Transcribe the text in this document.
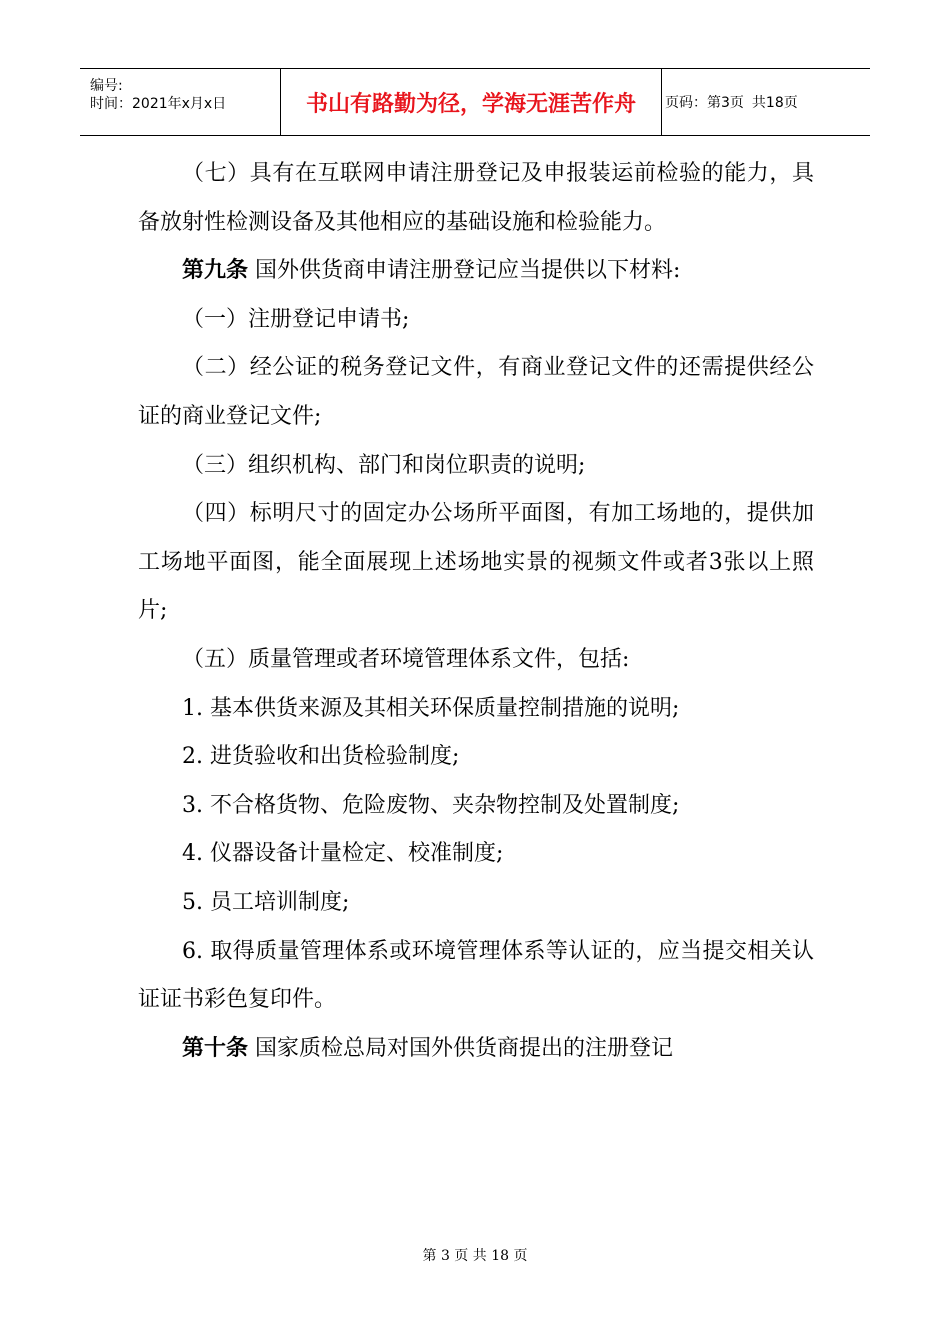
编号:
时间：2021年x月x日	书山有路勤为径，学海无涯苦作舟 页码：第3页 共18页

（七）具有在互联网申请注册登记及申报装运前检验的能力，具备放射性检测设备及其他相应的基础设施和检验能力。

第九条 国外供货商申请注册登记应当提供以下材料:

（一）注册登记申请书;

（二）经公证的税务登记文件，有商业登记文件的还需提供经公证的商业登记文件;

（三）组织机构、部门和岗位职责的说明;

（四）标明尺寸的固定办公场所平面图，有加工场地的，提供加工场地平面图，能全面展现上述场地实景的视频文件或者3张以上照片;

（五）质量管理或者环境管理体系文件，包括:

1. 基本供货来源及其相关环保质量控制措施的说明;

2. 进货验收和出货检验制度;

3. 不合格货物、危险废物、夹杂物控制及处置制度;

4. 仪器设备计量检定、校准制度;

5. 员工培训制度;

6. 取得质量管理体系或环境管理体系等认证的，应当提交相关认证证书彩色复印件。

第十条 国家质检总局对国外供货商提出的注册登记

第 3 页 共 18 页
